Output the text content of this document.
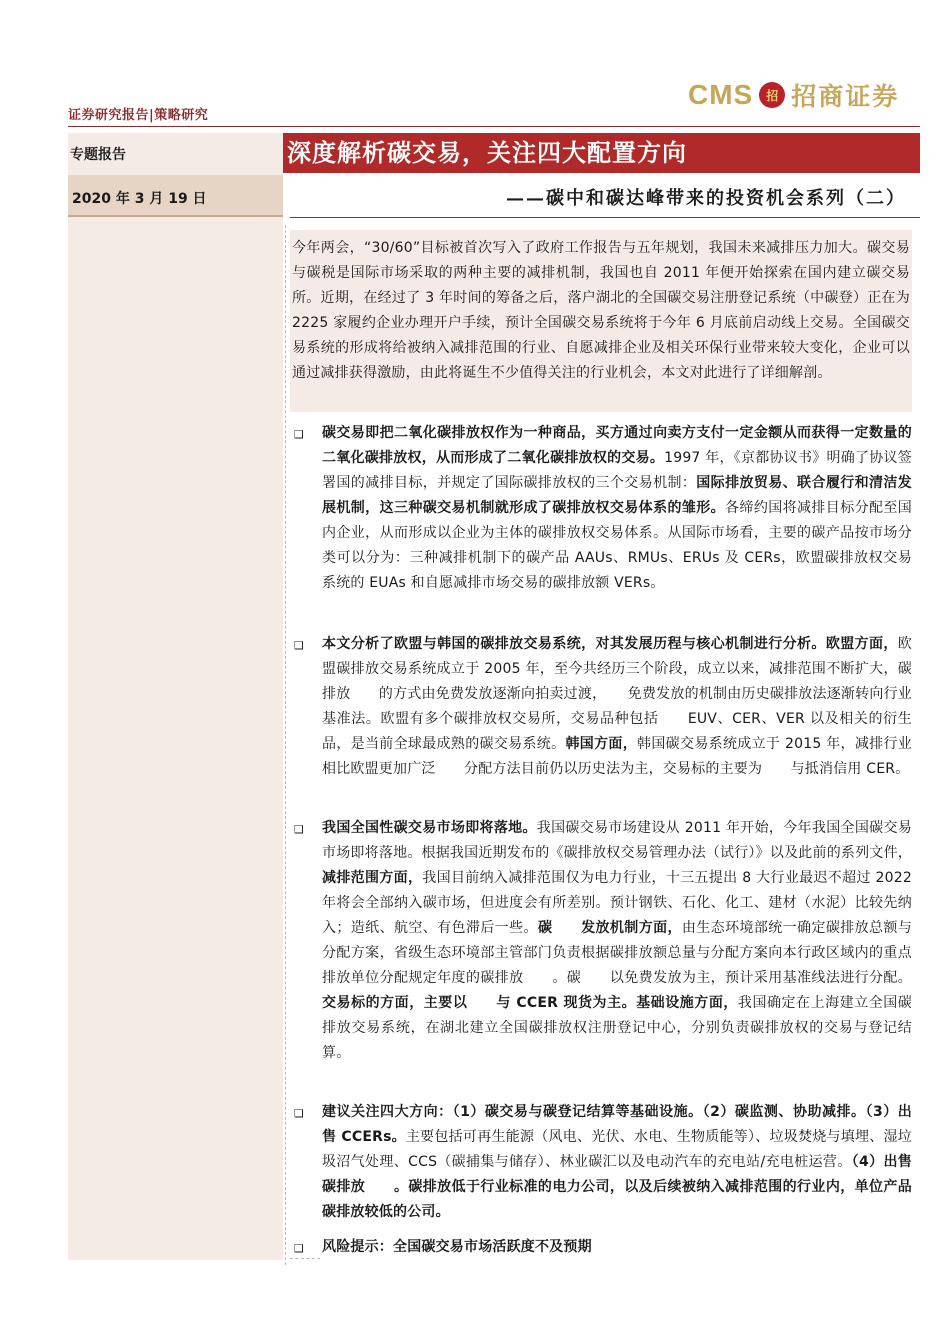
证券研究报告|策略研究
CMS	招 招商证券
专题报告
2020 年 3 月 19 日
深度解析碳交易，关注四大配置方向
——碳中和碳达峰带来的投资机会系列（二）
今年两会，“30/60”目标被首次写入了政府工作报告与五年规划，我国未来减排压力加大。碳交易与碳税是国际市场采取的两种主要的减排机制，我国也自 2011 年便开始探索在国内建立碳交易所。近期，在经过了 3 年时间的筹备之后，落户湖北的全国碳交易注册登记系统（中碳登）正在为 2225 家履约企业办理开户手续，预计全国碳交易系统将于今年 6 月底前启动线上交易。全国碳交易系统的形成将给被纳入减排范围的行业、自愿减排企业及相关环保行业带来较大变化，企业可以通过减排获得激励，由此将诞生不少值得关注的行业机会，本文对此进行了详细解剖。
❑ 碳交易即把二氧化碳排放权作为一种商品，买方通过向卖方支付一定金额从而获得一定数量的二氧化碳排放权，从而形成了二氧化碳排放权的交易。1997 年，《京都协议书》明确了协议签署国的减排目标，并规定了国际碳排放权的三个交易机制：国际排放贸易、联合履行和清洁发展机制，这三种碳交易机制就形成了碳排放权交易体系的雏形。各缔约国将减排目标分配至国内企业，从而形成以企业为主体的碳排放权交易体系。从国际市场看，主要的碳产品按市场分类可以分为：三种减排机制下的碳产品 AAUs、RMUs、ERUs 及 CERs，欧盟碳排放权交易系统的 EUAs 和自愿减排市场交易的碳排放额 VERs。
❑ 本文分析了欧盟与韩国的碳排放交易系统，对其发展历程与核心机制进行分析。欧盟方面，欧盟碳排放交易系统成立于 2005 年，至今共经历三个阶段，成立以来，减排范围不断扩大，碳排放　　的方式由免费发放逐渐向拍卖过渡，　　免费发放的机制由历史碳排放法逐渐转向行业基准法。欧盟有多个碳排放权交易所，交易品种包括　　EUV、CER、VER 以及相关的衍生品，是当前全球最成熟的碳交易系统。韩国方面，韩国碳交易系统成立于 2015 年，减排行业相比欧盟更加广泛　　分配方法目前仍以历史法为主，交易标的主要为　　与抵消信用 CER。
❑ 我国全国性碳交易市场即将落地。我国碳交易市场建设从 2011 年开始，今年我国全国碳交易市场即将落地。根据我国近期发布的《碳排放权交易管理办法（试行）》以及此前的系列文件，减排范围方面，我国目前纳入减排范围仅为电力行业，十三五提出 8 大行业最迟不超过 2022 年将会全部纳入碳市场，但进度会有所差别。预计钢铁、石化、化工、建材（水泥）比较先纳入；造纸、航空、有色滞后一些。碳　　发放机制方面，由生态环境部统一确定碳排放总额与分配方案，省级生态环境部主管部门负责根据碳排放额总量与分配方案向本行政区域内的重点排放单位分配规定年度的碳排放　　。碳　　以免费发放为主，预计采用基准线法进行分配。交易标的方面，主要以　　与 CCER 现货为主。基础设施方面，我国确定在上海建立全国碳排放交易系统，在湖北建立全国碳排放权注册登记中心，分别负责碳排放权的交易与登记结算。
❑ 建议关注四大方向：（1）碳交易与碳登记结算等基础设施。（2）碳监测、协助减排。（3）出售 CCERs。主要包括可再生能源（风电、光伏、水电、生物质能等）、垃圾焚烧与填埋、湿垃圾沼气处理、CCS（碳捕集与储存）、林业碳汇以及电动汽车的充电站/充电桩运营。（4）出售碳排放　　。碳排放低于行业标准的电力公司，以及后续被纳入减排范围的行业内，单位产品碳排放较低的公司。
❑ 风险提示：全国碳交易市场活跃度不及预期
